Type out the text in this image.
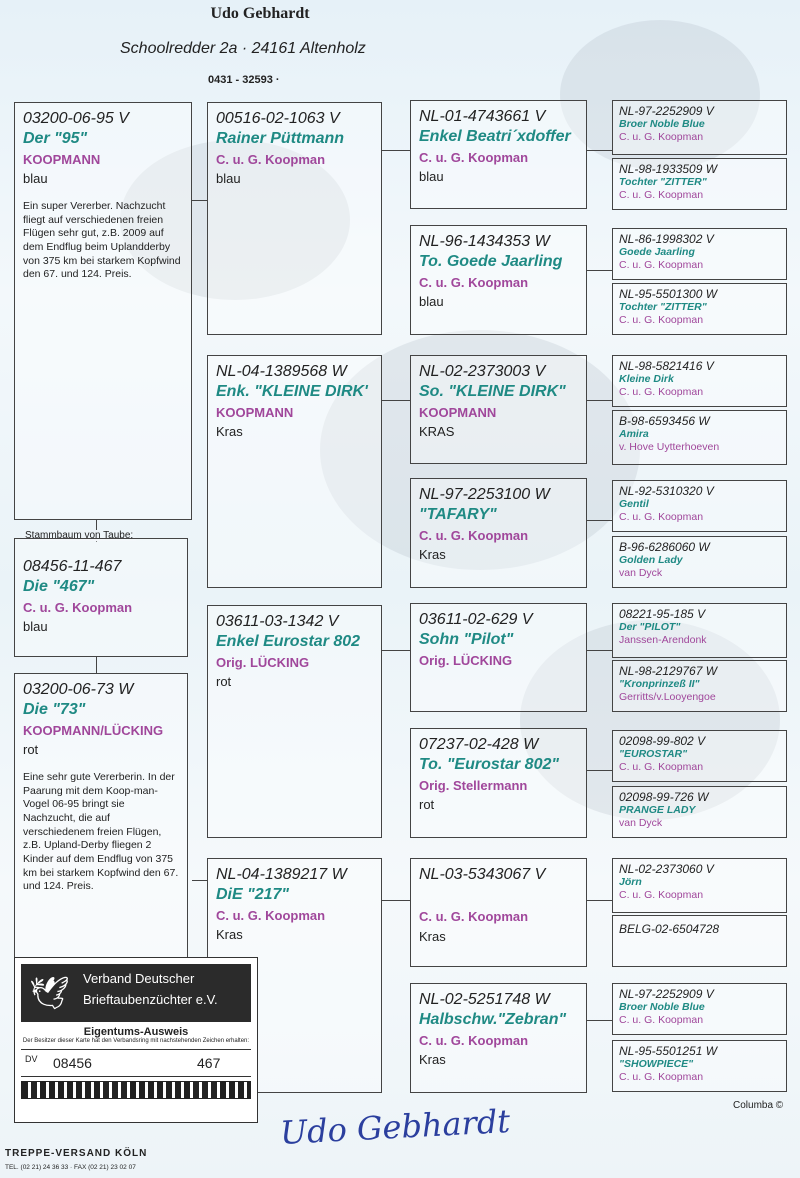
Udo Gebhardt
Schoolredder 2a · 24161 Altenholz
0431 - 32593 ·
03200-06-95 V
Der "95"
KOOPMANN
blau
Ein super Vererber. Nachzucht fliegt auf verschiedenen freien Flügen sehr gut, z.B. 2009 auf dem Endflug beim Uplandderby von 375 km bei starkem Kopfwind den 67. und 124. Preis.
Stammbaum von Taube:
08456-11-467
Die "467"
C. u. G. Koopman
blau
03200-06-73 W
Die "73"
KOOPMANN/LÜCKING
rot
Eine sehr gute Vererberin. In der Paarung mit dem Koop-man-Vogel 06-95 bringt sie Nachzucht, die auf verschiedenem freien Flügen, z.B. Upland-Derby fliegen 2 Kinder auf dem Endflug von 375 km bei starkem Kopfwind den 67. und 124. Preis.
00516-02-1063 V
Rainer Püttmann
C. u. G. Koopman
blau
NL-04-1389568 W
Enk. "KLEINE DIRK'
KOOPMANN
Kras
03611-03-1342 V
Enkel Eurostar 802
Orig. LÜCKING
rot
NL-04-1389217 W
DiE "217"
C. u. G. Koopman
Kras
NL-01-4743661 V
Enkel Beatri´xdoffer
C. u. G. Koopman
blau
NL-96-1434353 W
To. Goede Jaarling
C. u. G. Koopman
blau
NL-02-2373003 V
So. "KLEINE DIRK"
KOOPMANN
KRAS
NL-97-2253100 W
"TAFARY"
C. u. G. Koopman
Kras
03611-02-629 V
Sohn "Pilot"
Orig. LÜCKING
07237-02-428 W
To. "Eurostar 802"
Orig. Stellermann
rot
NL-03-5343067 V
C. u. G. Koopman
Kras
NL-02-5251748 W
Halbschw."Zebran"
C. u. G. Koopman
Kras
NL-97-2252909 V
Broer Noble Blue
C. u. G. Koopman
NL-98-1933509 W
Tochter "ZITTER"
C. u. G. Koopman
NL-86-1998302 V
Goede Jaarling
C. u. G. Koopman
NL-95-5501300 W
Tochter "ZITTER"
C. u. G. Koopman
NL-98-5821416 V
Kleine Dirk
C. u. G. Koopman
B-98-6593456 W
Amira
v. Hove Uytterhoeven
NL-92-5310320 V
Gentil
C. u. G. Koopman
B-96-6286060 W
Golden Lady
van Dyck
08221-95-185 V
Der "PILOT"
Janssen-Arendonk
NL-98-2129767 W
"Kronprinzeß II"
Gerritts/v.Looyengoe
02098-99-802 V
"EUROSTAR"
C. u. G. Koopman
02098-99-726 W
PRANGE LADY
van Dyck
NL-02-2373060 V
Jörn
C. u. G. Koopman
BELG-02-6504728
NL-97-2252909 V
Broer Noble Blue
C. u. G. Koopman
NL-95-5501251 W
"SHOWPIECE"
C. u. G. Koopman
🕊 Verband Deutscher
Brieftaubenzüchter e.V.
Eigentums-Ausweis
Der Besitzer dieser Karte hat den Verbandsring mit nachstehenden Zeichen erhalten:
DV 08456	467
Udo Gebhardt	Columba ©
TREPPE-VERSAND KÖLN
TEL. (02 21) 24 36 33 · FAX (02 21) 23 02 07
